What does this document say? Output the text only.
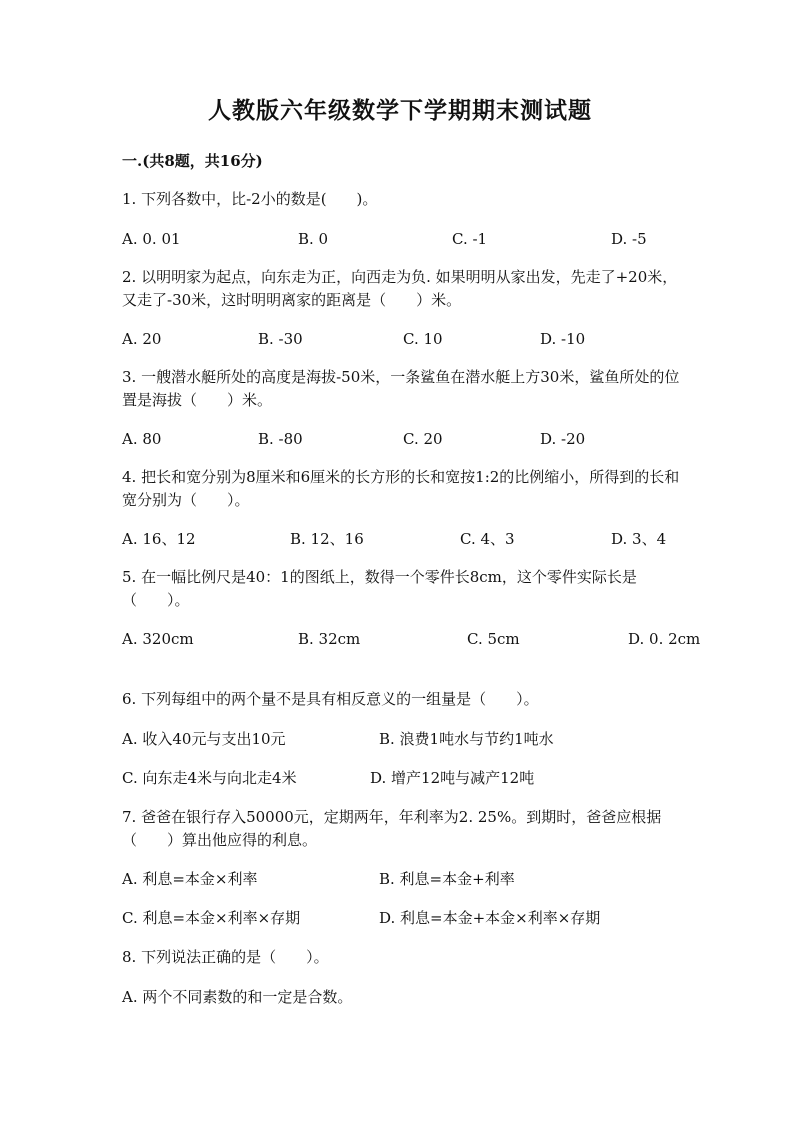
人教版六年级数学下学期期末测试题
一.(共8题，共16分)
1. 下列各数中，比-2小的数是(　　)。
A. 0. 01	B. 0	C. -1	D. -5
2. 以明明家为起点，向东走为正，向西走为负. 如果明明从家出发，先走了+20米，又走了-30米，这时明明离家的距离是（　　）米。
A. 20	B. -30	C. 10	D. -10
3. 一艘潜水艇所处的高度是海拔-50米，一条鲨鱼在潜水艇上方30米，鲨鱼所处的位置是海拔（　　）米。
A. 80	B. -80	C. 20	D. -20
4. 把长和宽分别为8厘米和6厘米的长方形的长和宽按1:2的比例缩小，所得到的长和宽分别为（　　）。
A. 16、12	B. 12、16	C. 4、3	D. 3、4
5. 在一幅比例尺是40：1的图纸上，数得一个零件长8cm，这个零件实际长是（　　）。
A. 320cm	B. 32cm	C. 5cm	D. 0. 2cm
6. 下列每组中的两个量不是具有相反意义的一组量是（　　）。
A. 收入40元与支出10元	B. 浪费1吨水与节约1吨水
C. 向东走4米与向北走4米	D. 增产12吨与减产12吨
7. 爸爸在银行存入50000元，定期两年，年利率为2. 25%。到期时，爸爸应根据（　　）算出他应得的利息。
A. 利息=本金×利率	B. 利息=本金+利率
C. 利息=本金×利率×存期	D. 利息=本金+本金×利率×存期
8. 下列说法正确的是（　　）。
A. 两个不同素数的和一定是合数。
